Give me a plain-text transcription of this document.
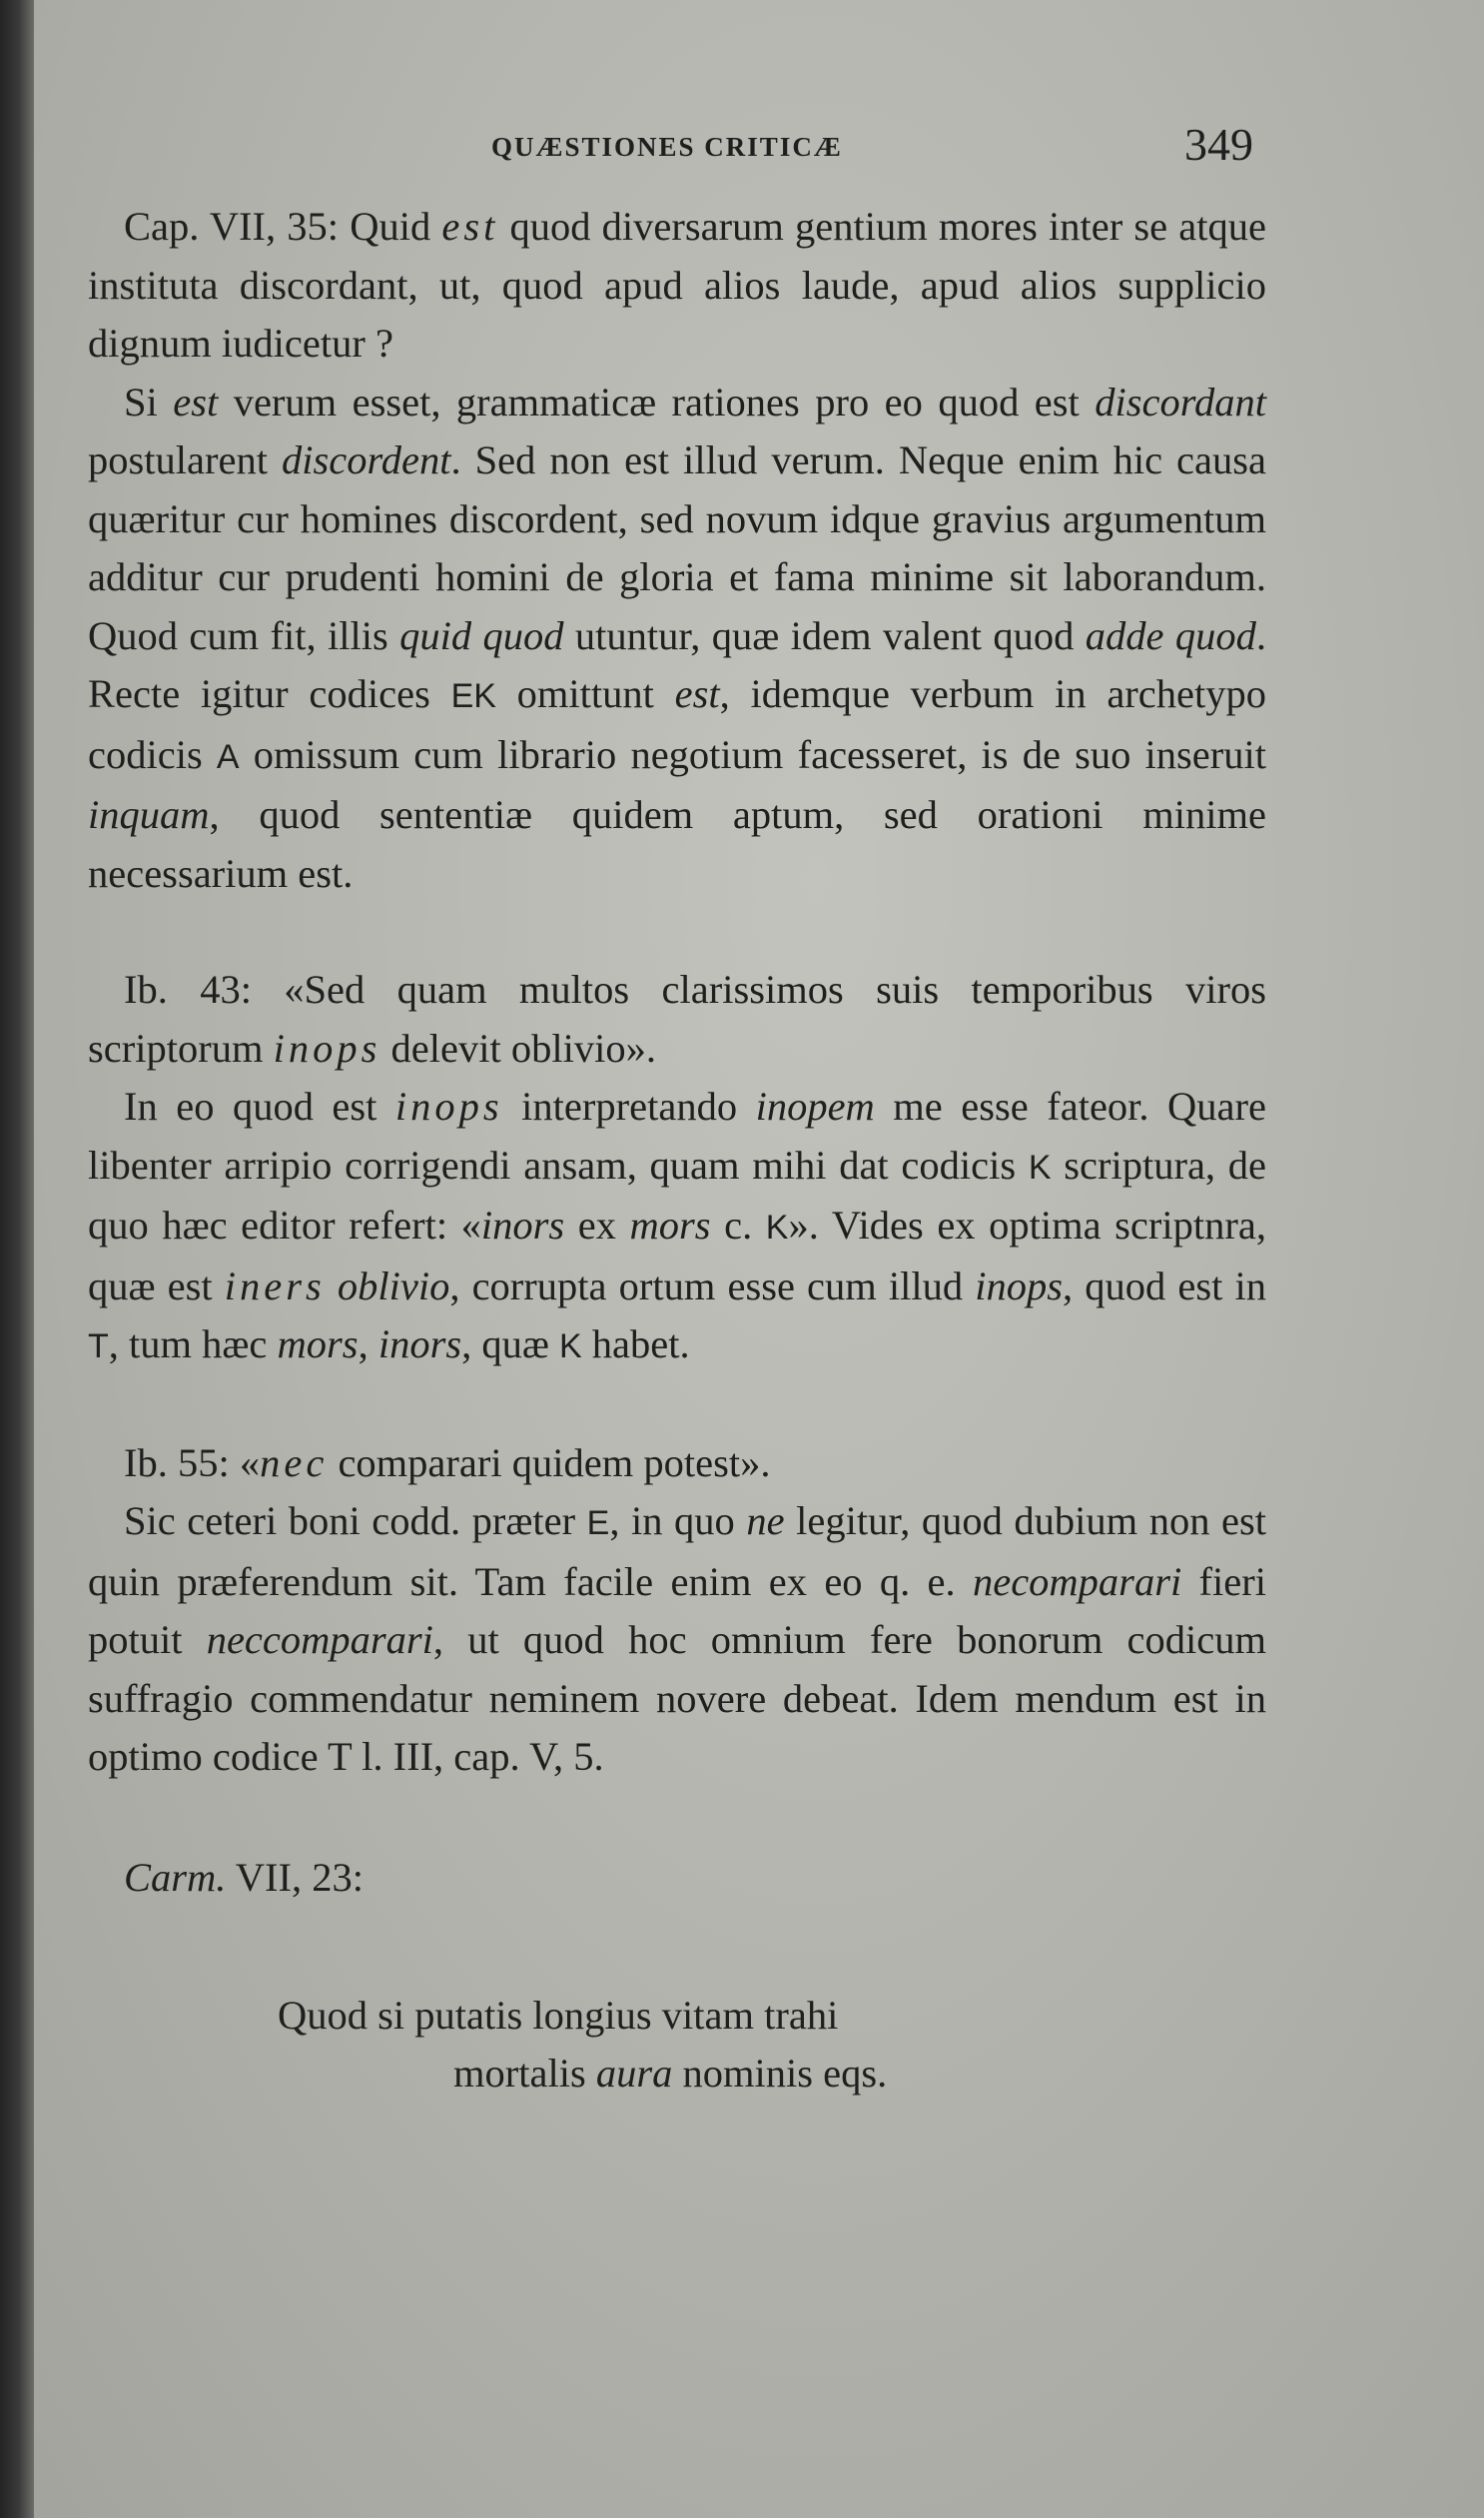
QUÆSTIONES CRITICÆ	349

Cap. VII, 35: Quid est quod diversarum gentium mores inter se atque instituta discordant, ut, quod apud alios laude, apud alios supplicio dignum iudicetur ?

Si est verum esset, grammaticæ rationes pro eo quod est discordant postularent discordent. Sed non est illud verum. Neque enim hic causa quæritur cur homines discordent, sed novum idque gravius argumentum additur cur prudenti homini de gloria et fama minime sit laborandum. Quod cum fit, illis quid quod utuntur, quæ idem valent quod adde quod. Recte igitur codices EK omittunt est, idemque verbum in archetypo codicis A omissum cum librario negotium facesseret, is de suo inseruit inquam, quod sententiæ quidem aptum, sed orationi minime necessarium est.

Ib. 43: «Sed quam multos clarissimos suis temporibus viros scriptorum inops delevit oblivio».

In eo quod est inops interpretando inopem me esse fateor. Quare libenter arripio corrigendi ansam, quam mihi dat codicis K scriptura, de quo hæc editor refert: «inors ex mors c. K». Vides ex optima scriptnra, quæ est iners oblivio, corrupta ortum esse cum illud inops, quod est in T, tum hæc mors, inors, quæ K habet.

Ib. 55: «nec comparari quidem potest».

Sic ceteri boni codd. præter E, in quo ne legitur, quod dubium non est quin præferendum sit. Tam facile enim ex eo q. e. necomparari fieri potuit neccomparari, ut quod hoc omnium fere bonorum codicum suffragio commendatur neminem novere debeat. Idem mendum est in optimo codice T l. III, cap. V, 5.

Carm. VII, 23:

Quod si putatis longius vitam trahi
mortalis aura nominis eqs.
